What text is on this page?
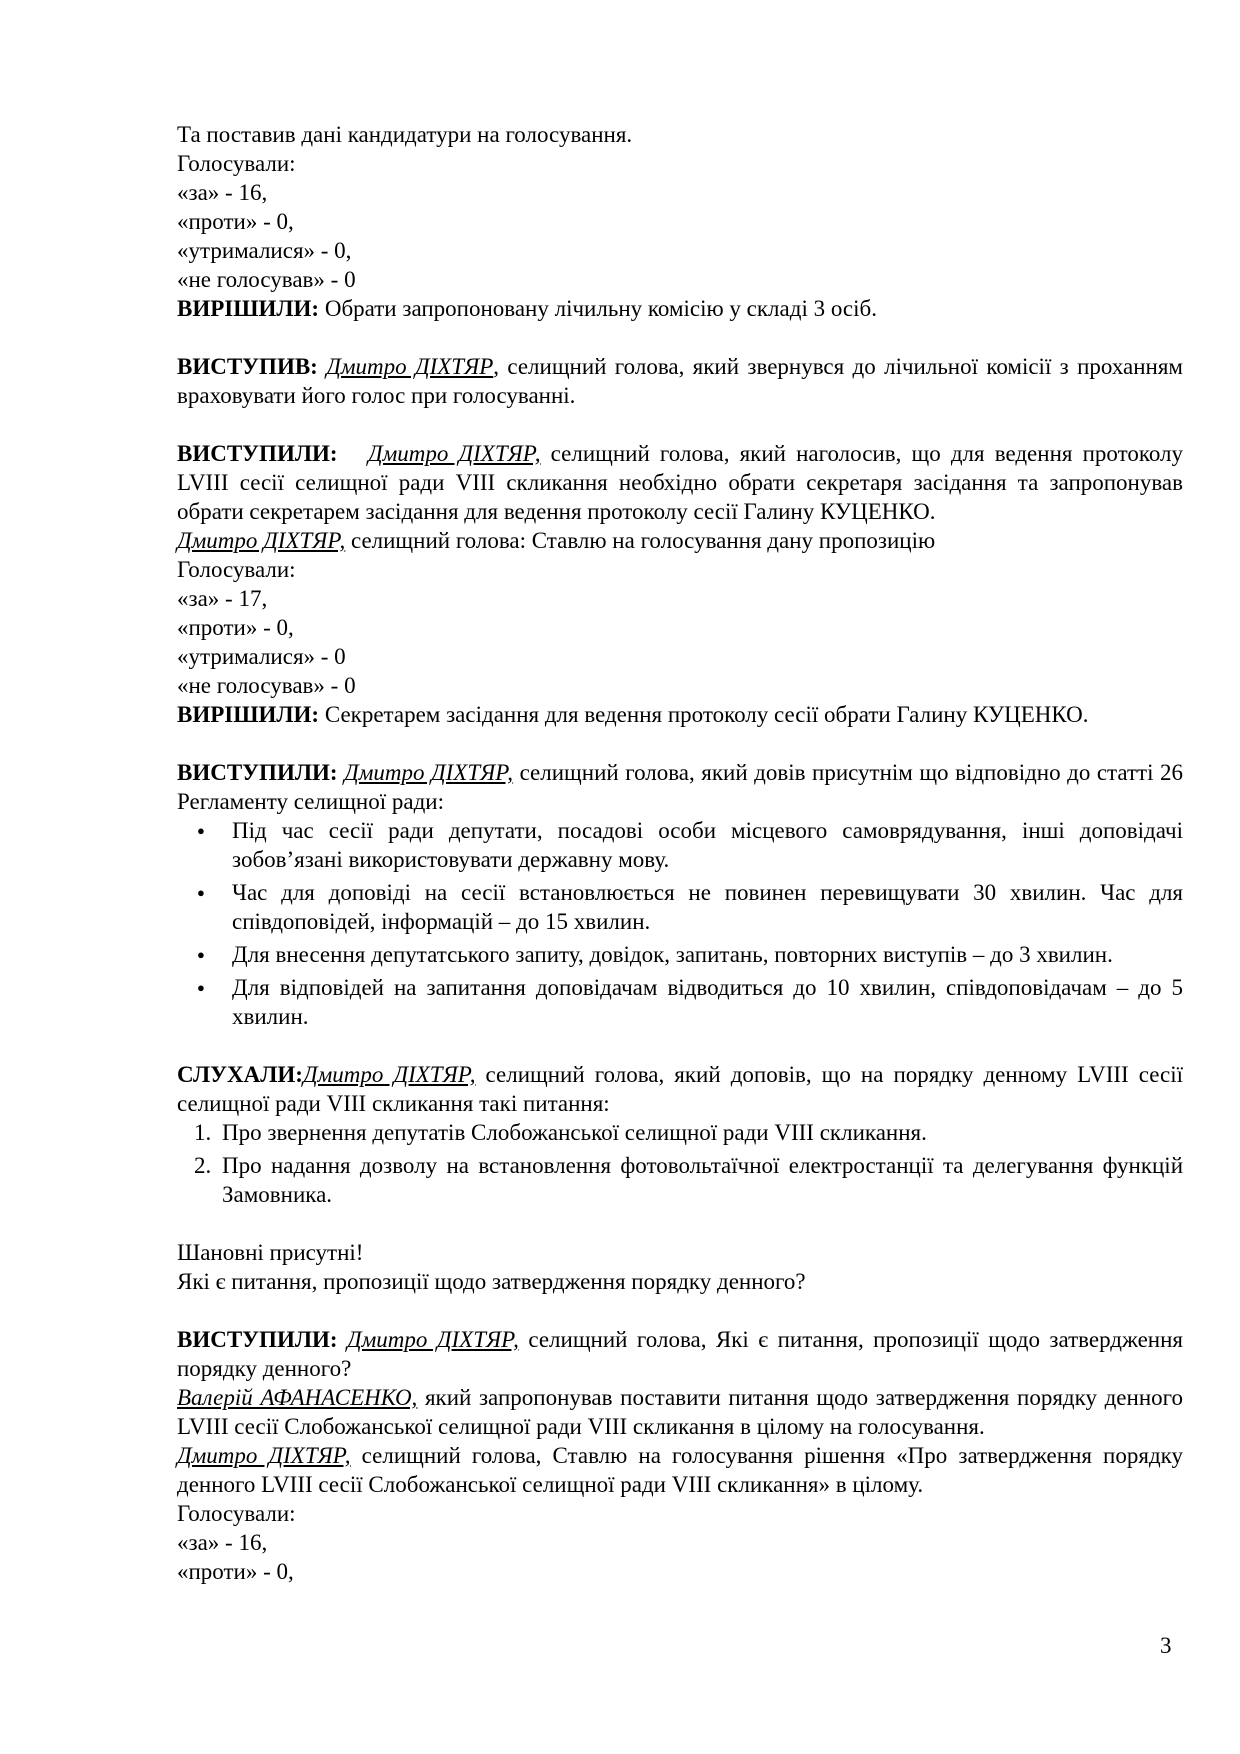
Та поставив дані кандидатури на голосування.

Голосували:

«за» - 16,

«проти» - 0,

«утрималися» - 0,

«не голосував» - 0

ВИРІШИЛИ: Обрати запропоновану лічильну комісію у складі 3 осіб.

ВИСТУПИВ: Дмитро ДІХТЯР, селищний голова, який звернувся до лічильної комісії з проханням враховувати його голос при голосуванні.

ВИСТУПИЛИ: Дмитро ДІХТЯР, селищний голова, який наголосив, що для ведення протоколу LVIII сесії селищної ради VIII скликання необхідно обрати секретаря засідання та запропонував обрати секретарем засідання для ведення протоколу сесії Галину КУЦЕНКО.

Дмитро ДІХТЯР, селищний голова: Ставлю на голосування дану пропозицію

Голосували:

«за» - 17,

«проти» - 0,

«утрималися» - 0

«не голосував» - 0

ВИРІШИЛИ: Секретарем засідання для ведення протоколу сесії обрати Галину КУЦЕНКО.

ВИСТУПИЛИ: Дмитро ДІХТЯР, селищний голова, який довів присутнім що відповідно до статті 26 Регламенту селищної ради:

● Під час сесії ради депутати, посадові особи місцевого самоврядування, інші доповідачі зобов’язані використовувати державну мову.
● Час для доповіді на сесії встановлюється не повинен перевищувати 30 хвилин. Час для співдоповідей, інформацій – до 15 хвилин.
● Для внесення депутатського запиту, довідок, запитань, повторних виступів – до 3 хвилин.
● Для відповідей на запитання доповідачам відводиться до 10 хвилин, співдоповідачам – до 5 хвилин.

СЛУХАЛИ:Дмитро ДІХТЯР, селищний голова, який доповів, що на порядку денному LVIII сесії селищної ради VIII скликання такі питання:

1. Про звернення депутатів Слобожанської селищної ради VIII скликання.
2. Про надання дозволу на встановлення фотовольтаїчної електростанції та делегування функцій Замовника.

Шановні присутні!

Які є питання, пропозиції щодо затвердження порядку денного?

ВИСТУПИЛИ: Дмитро ДІХТЯР, селищний голова, Які є питання, пропозиції щодо затвердження порядку денного?

Валерій АФАНАСЕНКО, який запропонував поставити питання щодо затвердження порядку денного LVIII сесії Слобожанської селищної ради VIII скликання в цілому на голосування.

Дмитро ДІХТЯР, селищний голова, Ставлю на голосування рішення «Про затвердження порядку денного LVIII сесії Слобожанської селищної ради VIII скликання» в цілому.

Голосували:

«за» - 16,

«проти» - 0,

3
